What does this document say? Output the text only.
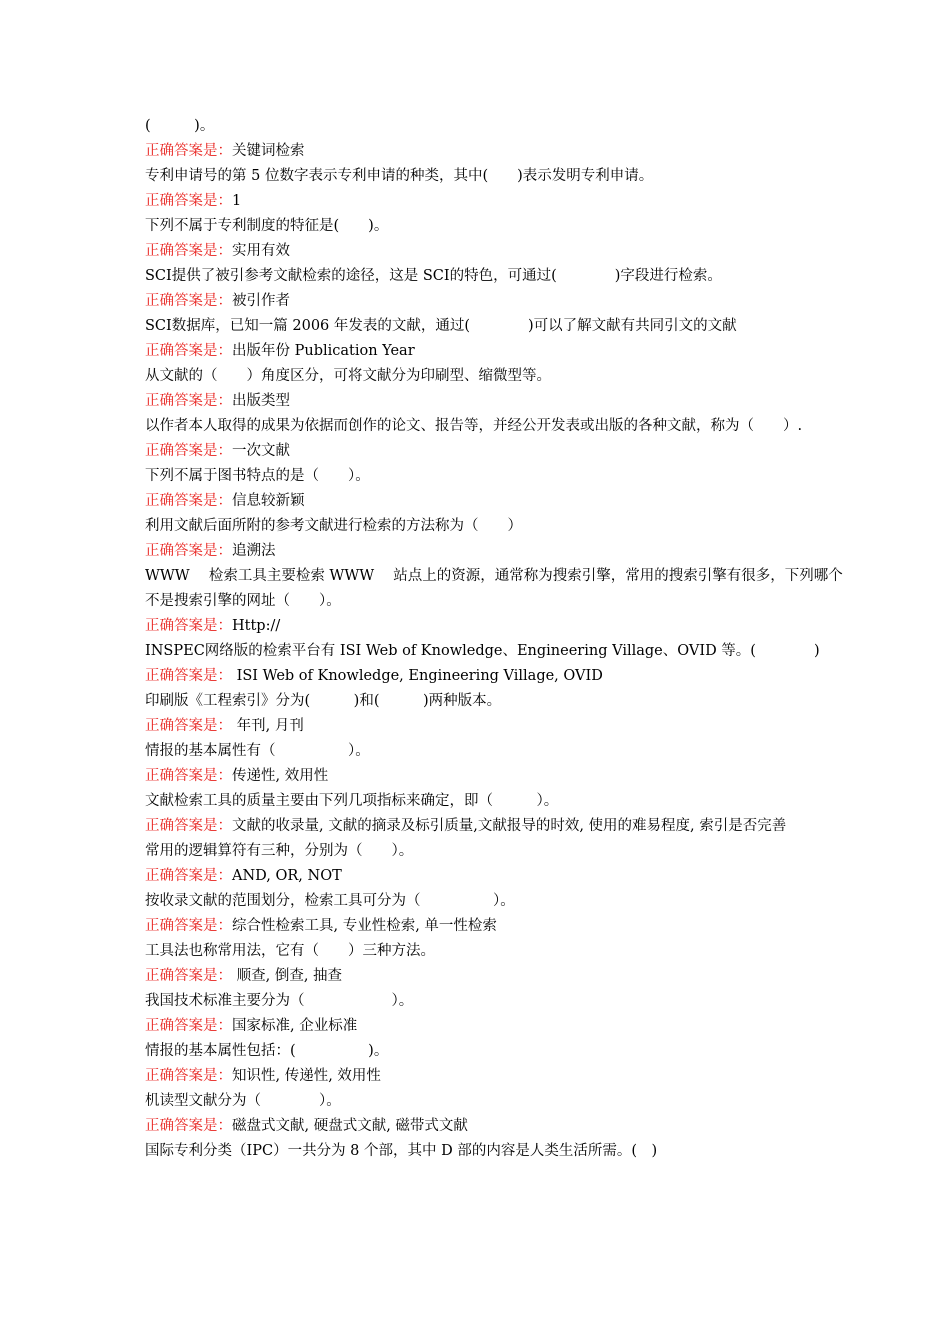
(　　　)。
正确答案是：关键词检索
专利申请号的第 5 位数字表示专利申请的种类，其中(　　)表示发明专利申请。
正确答案是：1
下列不属于专利制度的特征是(　　)。
正确答案是：实用有效
SCI提供了被引参考文献检索的途径，这是 SCI的特色，可通过(　　　　)字段进行检索。
正确答案是：被引作者
SCI数据库，已知一篇 2006 年发表的文献，通过(　　　　)可以了解文献有共同引文的文献
正确答案是：出版年份 Publication Year
从文献的（　　）角度区分，可将文献分为印刷型、缩微型等。
正确答案是：出版类型
以作者本人取得的成果为依据而创作的论文、报告等，并经公开发表或出版的各种文献，称为（　　）.
正确答案是：一次文献
下列不属于图书特点的是（　　）。
正确答案是：信息较新颖
利用文献后面所附的参考文献进行检索的方法称为（　　）
正确答案是：追溯法
WWW　 检索工具主要检索 WWW　 站点上的资源，通常称为搜索引擎，常用的搜索引擎有很多，下列哪个不是搜索引擎的网址（　　）。
正确答案是：Http://
INSPEC网络版的检索平台有 ISI Web of Knowledge、Engineering Village、OVID 等。(　　　　)
正确答案是： ISI Web of Knowledge, Engineering Village, OVID
印刷版《工程索引》分为(　　　)和(　　　)两种版本。
正确答案是： 年刊, 月刊
情报的基本属性有（　　　　　）。
正确答案是：传递性, 效用性
文献检索工具的质量主要由下列几项指标来确定，即（　　　）。
正确答案是：文献的收录量, 文献的摘录及标引质量,文献报导的时效, 使用的难易程度, 索引是否完善
常用的逻辑算符有三种，分别为（　　）。
正确答案是：AND, OR, NOT
按收录文献的范围划分，检索工具可分为（　　　　　）。
正确答案是：综合性检索工具, 专业性检索, 单一性检索
工具法也称常用法，它有（　　）三种方法。
正确答案是： 顺查, 倒查, 抽查
我国技术标准主要分为（　　　　　　）。
正确答案是：国家标准, 企业标准
情报的基本属性包括：(　　　　　)。
正确答案是：知识性, 传递性, 效用性
机读型文献分为（　　　　）。
正确答案是：磁盘式文献, 硬盘式文献, 磁带式文献
国际专利分类（IPC）一共分为 8 个部，其中 D 部的内容是人类生活所需。(　)
